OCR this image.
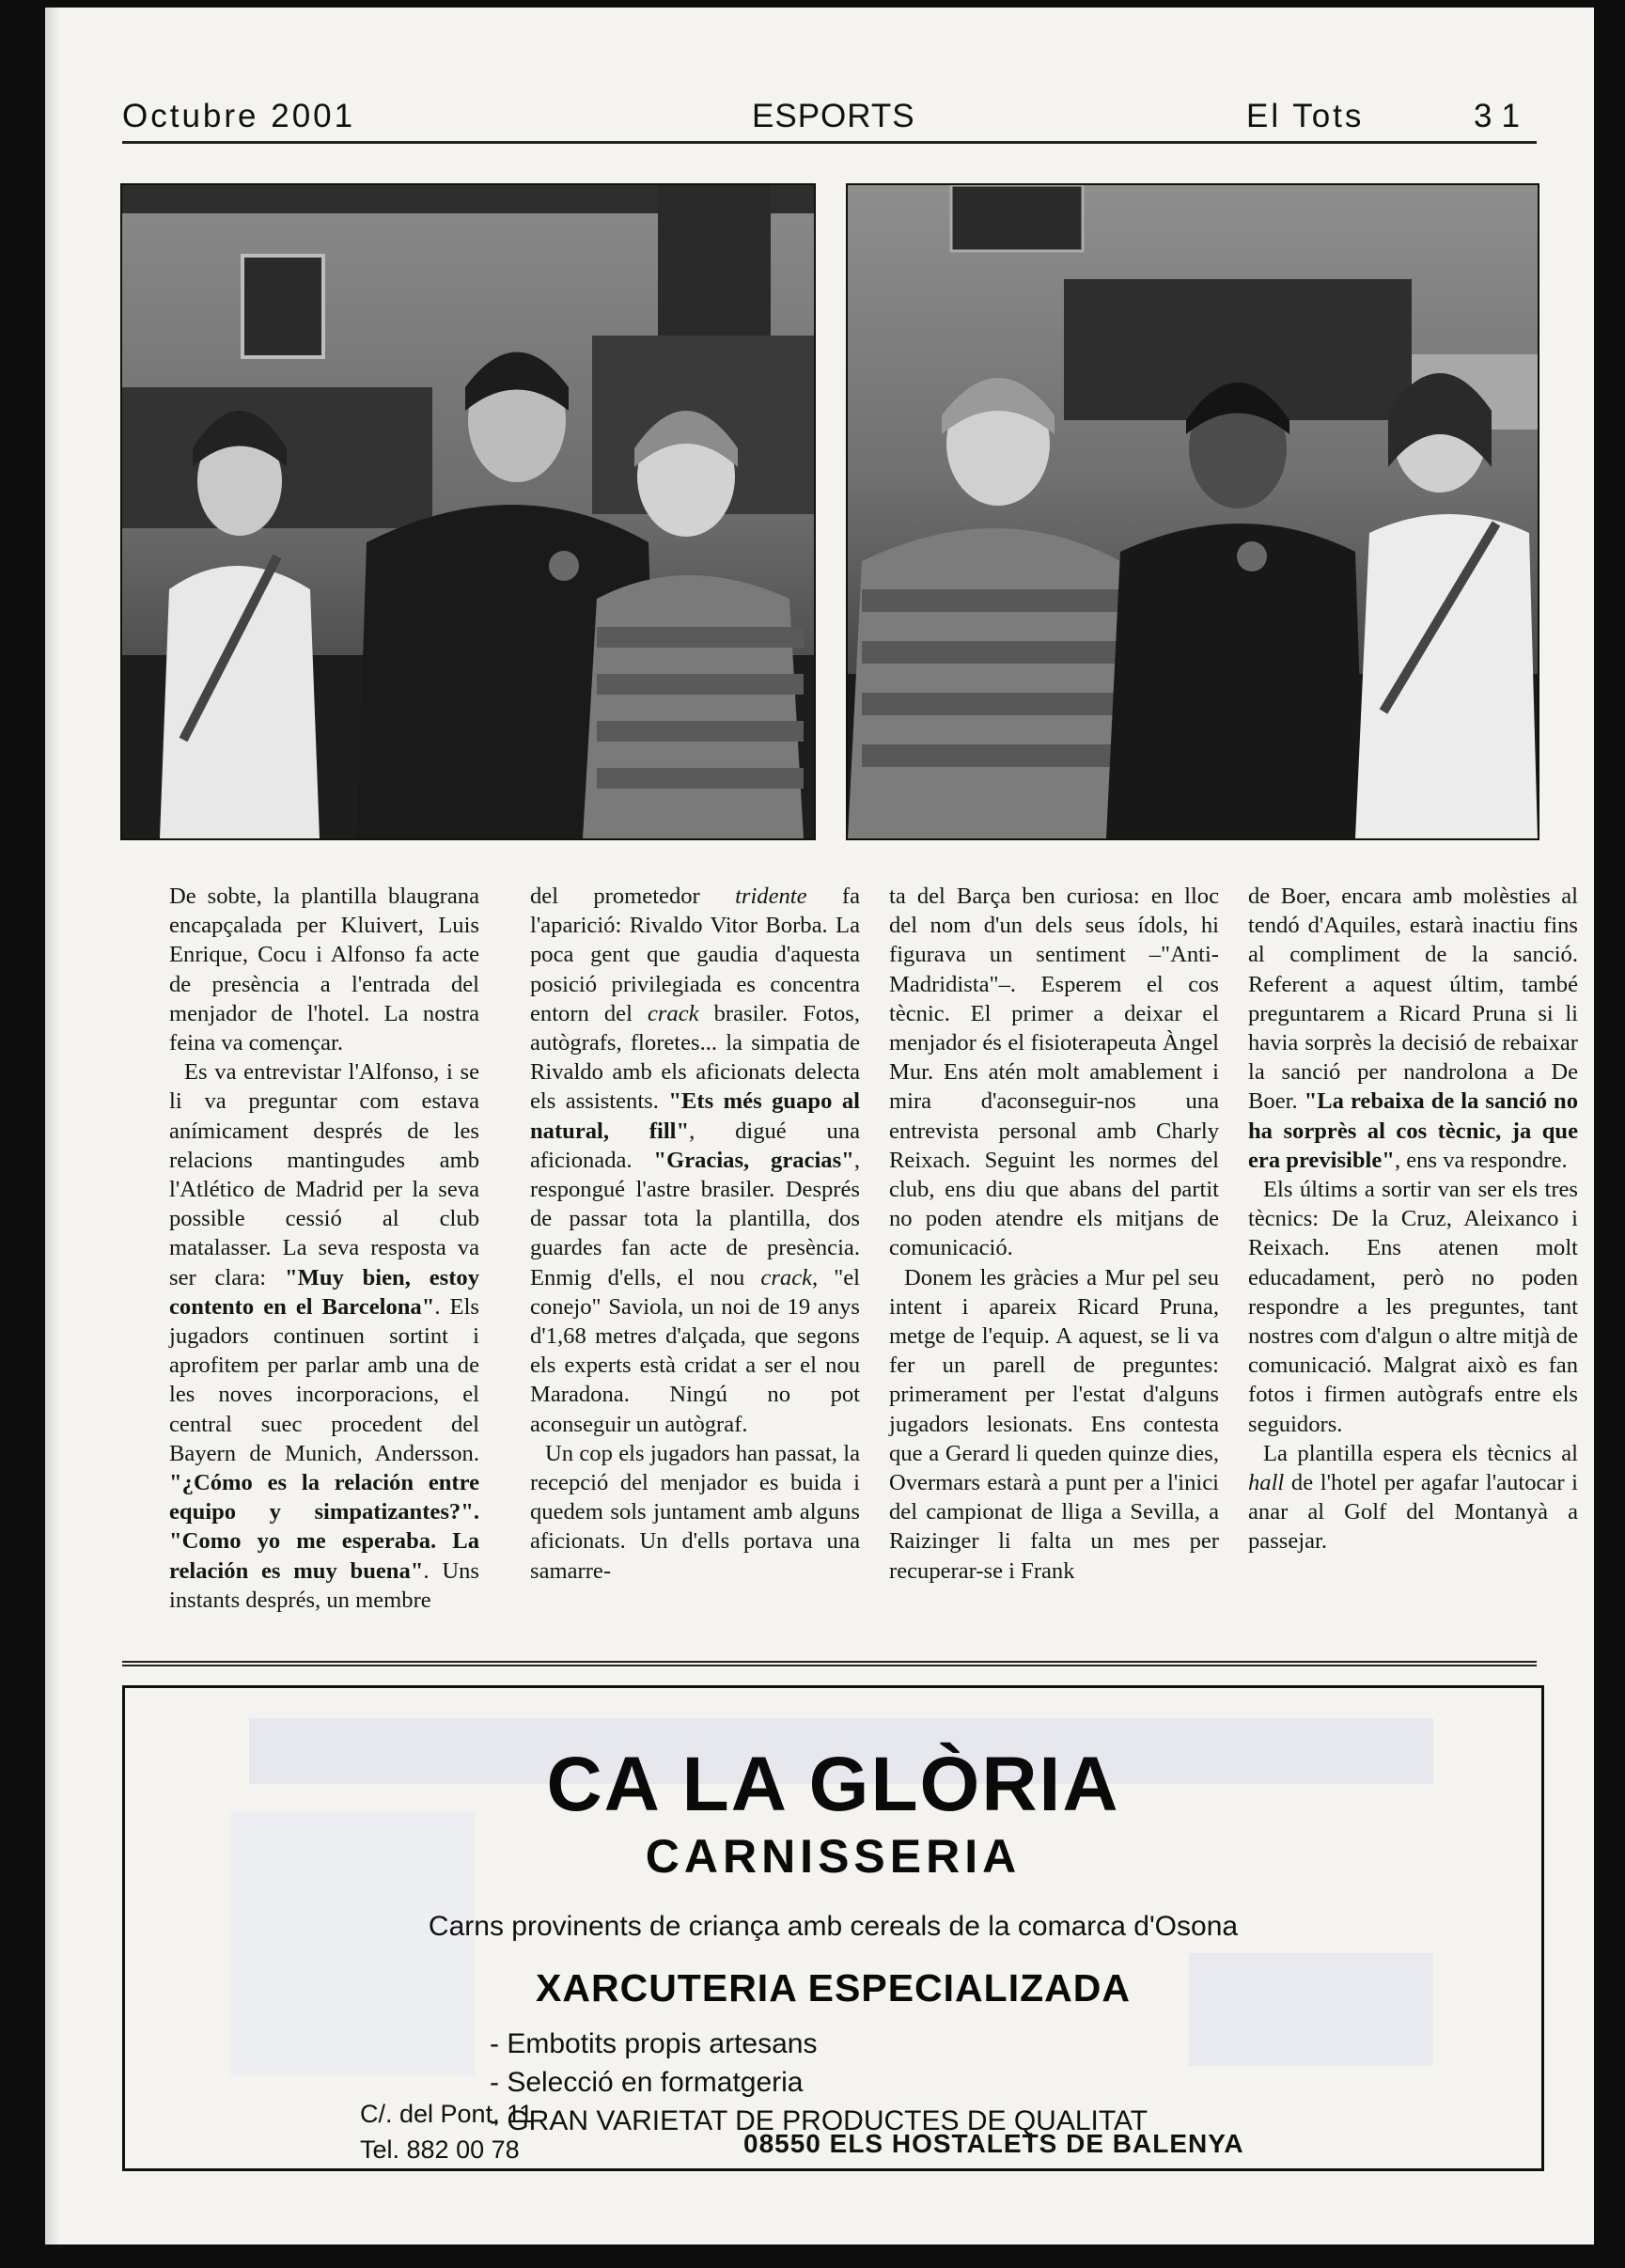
Octubre 2001	ESPORTS	El Tots	31

De sobte, la plantilla blaugrana encapçalada per Kluivert, Luis Enrique, Cocu i Alfonso fa acte de presència a l'entrada del menjador de l'hotel. La nostra feina va començar.

Es va entrevistar l'Alfonso, i se li va preguntar com estava anímicament després de les relacions mantingudes amb l'Atlético de Madrid per la seva possible cessió al club matalasser. La seva resposta va ser clara: "Muy bien, estoy contento en el Barcelona". Els jugadors continuen sortint i aprofitem per parlar amb una de les noves incorporacions, el central suec procedent del Bayern de Munich, Andersson. "¿Cómo es la relación entre equipo y simpatizantes?". "Como yo me esperaba. La relación es muy buena". Uns instants després, un membre

del prometedor tridente fa l'aparició: Rivaldo Vitor Borba. La poca gent que gaudia d'aquesta posició privilegiada es concentra entorn del crack brasiler. Fotos, autògrafs, floretes... la simpatia de Rivaldo amb els aficionats delecta els assistents. "Ets més guapo al natural, fill", digué una aficionada. "Gracias, gracias", respongué l'astre brasiler. Després de passar tota la plantilla, dos guardes fan acte de presència. Enmig d'ells, el nou crack, "el conejo" Saviola, un noi de 19 anys d'1,68 metres d'alçada, que segons els experts està cridat a ser el nou Maradona. Ningú no pot aconseguir un autògraf.

Un cop els jugadors han passat, la recepció del menjador es buida i quedem sols juntament amb alguns aficionats. Un d'ells portava una samarre-

ta del Barça ben curiosa: en lloc del nom d'un dels seus ídols, hi figurava un sentiment –"Anti-Madridista"–. Esperem el cos tècnic. El primer a deixar el menjador és el fisioterapeuta Àngel Mur. Ens atén molt amablement i mira d'aconseguir-nos una entrevista personal amb Charly Reixach. Seguint les normes del club, ens diu que abans del partit no poden atendre els mitjans de comunicació.

Donem les gràcies a Mur pel seu intent i apareix Ricard Pruna, metge de l'equip. A aquest, se li va fer un parell de preguntes: primerament per l'estat d'alguns jugadors lesionats. Ens contesta que a Gerard li queden quinze dies, Overmars estarà a punt per a l'inici del campionat de lliga a Sevilla, a Raizinger li falta un mes per recuperar-se i Frank

de Boer, encara amb molèsties al tendó d'Aquiles, estarà inactiu fins al compliment de la sanció. Referent a aquest últim, també preguntarem a Ricard Pruna si li havia sorprès la decisió de rebaixar la sanció per nandrolona a De Boer. "La rebaixa de la sanció no ha sorprès al cos tècnic, ja que era previsible", ens va respondre.

Els últims a sortir van ser els tres tècnics: De la Cruz, Aleixanco i Reixach. Ens atenen molt educadament, però no poden respondre a les preguntes, tant nostres com d'algun o altre mitjà de comunicació. Malgrat això es fan fotos i firmen autògrafs entre els seguidors.

La plantilla espera els tècnics al hall de l'hotel per agafar l'autocar i anar al Golf del Montanyà a passejar.

CA LA GLÒRIA
CARNISSERIA
Carns provinents de criança amb cereals de la comarca d'Osona
XARCUTERIA ESPECIALIZADA
- Embotits propis artesans
- Selecció en formatgeria
- GRAN VARIETAT DE PRODUCTES DE QUALITAT
C/. del Pont, 11
Tel. 882 00 78	08550 ELS HOSTALETS DE BALENYA
